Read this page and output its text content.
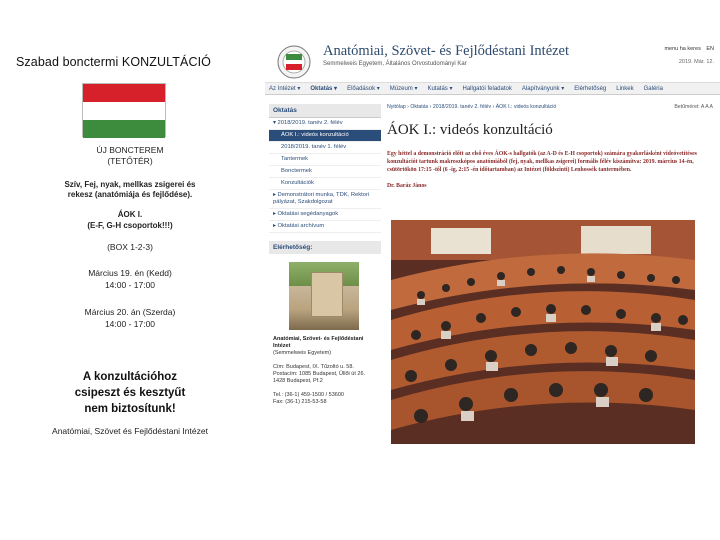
Szabad bonctermi KONZULTÁCIÓ
ÚJ BONCTEREM
(TETŐTÉR)
Szív, Fej, nyak, mellkas zsigerei és rekesz (anatómiája és fejlődése).
ÁOK I.
(E-F, G-H csoportok!!!)
(BOX 1-2-3)
Március 19. én (Kedd)
14:00 - 17:00
Március 20. án (Szerda)
14:00 - 17:00
A konzultációhoz
csipeszt és kesztyűt
nem biztosítunk!
Anatómiai, Szövet és Fejlődéstani Intézet
Anatómiai, Szövet- és Fejlődéstani Intézet
Semmelweis Egyetem, Általános Orvostudományi Kar
menu ha keres EN
2019. Már. 12.
Az Intézet ▾ Oktatás ▾ Előadások ▾ Múzeum ▾ Kutatás ▾ Hallgatói feladatok Alapítványunk ▾ Elérhetőség Linkek Galéria
Oktatás
▾ 2018/2019. tanév 2. félév
ÁOK I.: videós konzultáció
2018/2019. tanév 1. félév
Tantermek
Bonctermek
Konzultációk
▸ Demonstrátori munka, TDK, Rektori pályázat, Szakdolgozat
▸ Oktatási segédanyagok
▸ Oktatási archívum
Elérhetőség:
Anatómiai, Szövet- és Fejlődéstani Intézet
(Semmelweis Egyetem)

Cím: Budapest, IX. Tűzoltó u. 58.
Postacím: 1085 Budapest, Üllői út 26.
1428 Budapest, Pf.2

Tel.: (36-1) 459-1500 / 53600
Fax: (36-1) 215-53-58
Nyitólap › Oktatás › 2018/2019. tanév 2. félév › ÁOK I.: videós konzultáció	Betűméret: A A A
ÁOK I.: videós konzultáció
Egy héttel a demonstráció előtt az első éves ÁOK-s hallgatók (az A-D és E-H csoportok) számára gyakorlásként videóvetítéses konzultációt tartunk makroszkópos anatómiából (fej, nyak, mellkas zsigerei) formális félév kiszámítva: 2019. március 14-én, csütörtökön 17:15 -től (6 -ig, 2:15 -én időtartamban) az Intézet (földszinti) Lenhossék tantermében.
Dr. Baráz János
